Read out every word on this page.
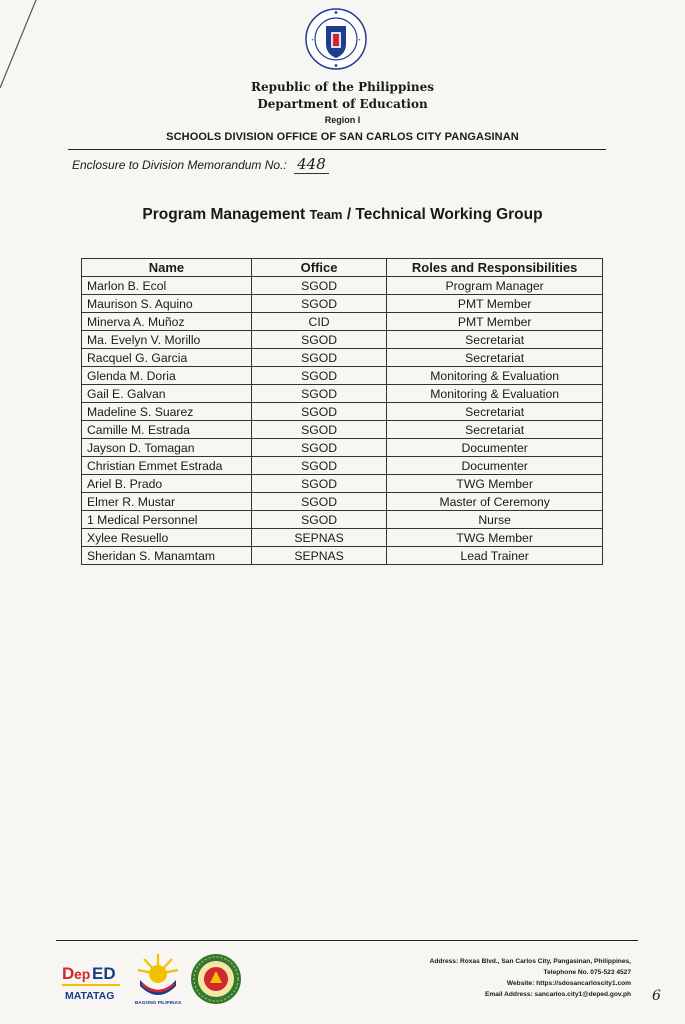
✦	✦
Republic of the Philippines
Department of Education
Region I
SCHOOLS DIVISION OFFICE OF SAN CARLOS CITY PANGASINAN
Enclosure to Division Memorandum No.: 448
Program Management Team / Technical Working Group
Name	Office	Roles and Responsibilities
Marlon B. Ecol	SGOD	Program Manager
Maurison S. Aquino	SGOD	PMT Member
Minerva A. Muñoz	CID	PMT Member
Ma. Evelyn V. Morillo	SGOD	Secretariat
Racquel G. Garcia	SGOD	Secretariat
Glenda M. Doria	SGOD	Monitoring & Evaluation
Gail E. Galvan	SGOD	Monitoring & Evaluation
Madeline S. Suarez	SGOD	Secretariat
Camille M. Estrada	SGOD	Secretariat
Jayson D. Tomagan	SGOD	Documenter
Christian Emmet Estrada	SGOD	Documenter
Ariel B. Prado	SGOD	TWG Member
Elmer R. Mustar	SGOD	Master of Ceremony
1 Medical Personnel	SGOD	Nurse
Xylee Resuello	SEPNAS	TWG Member
Sheridan S. Manamtam	SEPNAS	Lead Trainer
D ep ED
MATATAG
BAGONG PILIPINAS
Address: Roxas Blvd., San Carlos City, Pangasinan, Philippines,
Telephone No. 075-523 4527
Website: https://sdosancarloscity1.com
Email Address: sancarlos.city1@deped.gov.ph 6
